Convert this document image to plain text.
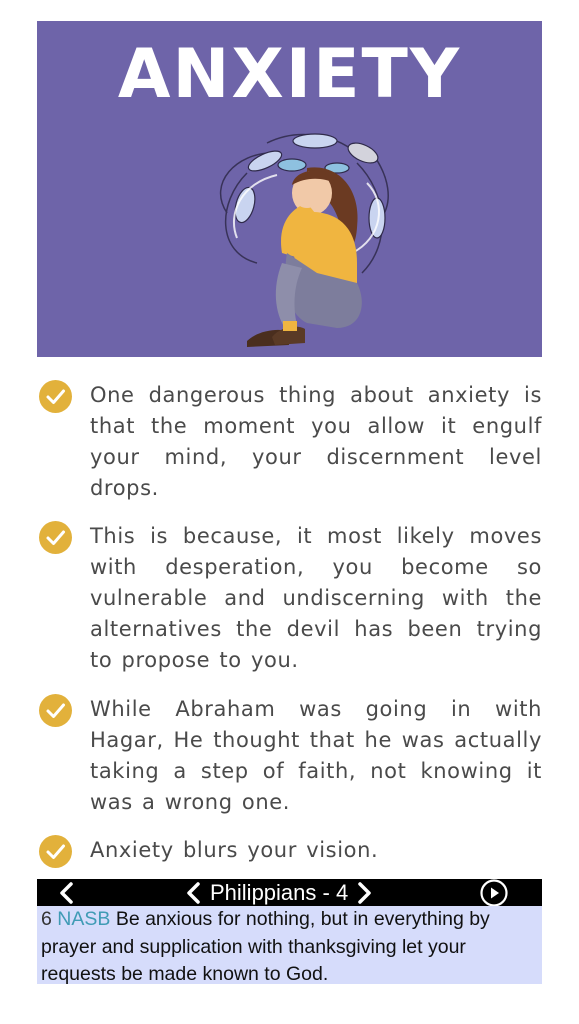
ANXIETY
One dangerous thing about anxiety is that the moment you allow it engulf your mind, your discernment level drops.
This is because, it most likely moves with desperation, you become so vulnerable and undiscerning with the alternatives the devil has been trying to propose to you.
While Abraham was going in with Hagar, He thought that he was actually taking a step of faith, not knowing it was a wrong one.
Anxiety blurs your vision.
Philippians - 4
6 NASB Be anxious for nothing, but in everything by prayer and supplication with thanksgiving let your requests be made known to God.
